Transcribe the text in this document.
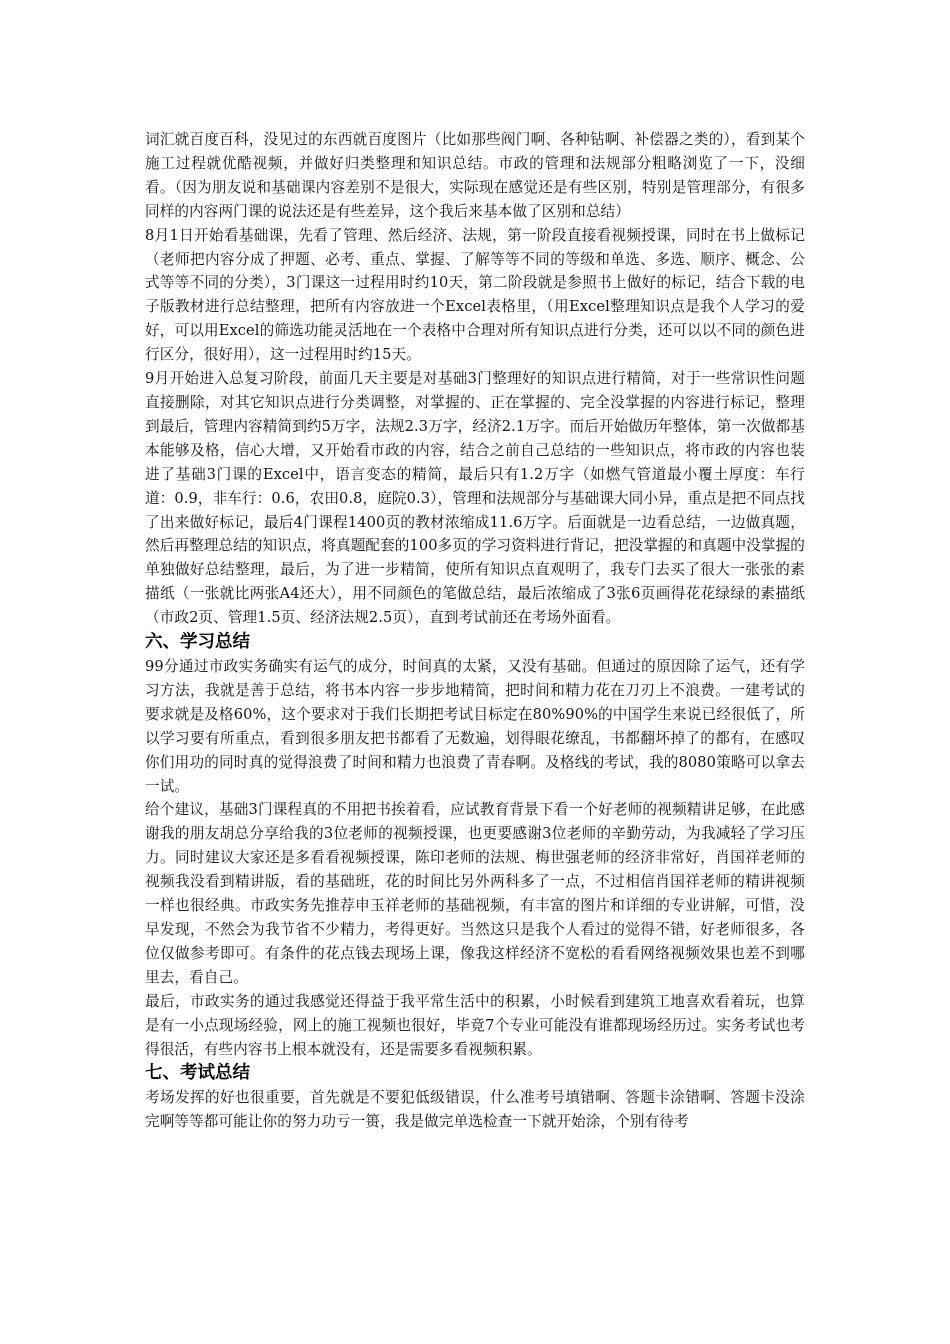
词汇就百度百科，没见过的东西就百度图片（比如那些阀门啊、各种钻啊、补偿器之类的），看到某个施工过程就优酷视频，并做好归类整理和知识总结。市政的管理和法规部分粗略浏览了一下，没细看。（因为朋友说和基础课内容差别不是很大，实际现在感觉还是有些区别，特别是管理部分，有很多同样的内容两门课的说法还是有些差异，这个我后来基本做了区别和总结）

8月1日开始看基础课，先看了管理、然后经济、法规，第一阶段直接看视频授课，同时在书上做标记（老师把内容分成了押题、必考、重点、掌握、了解等等不同的等级和单选、多选、顺序、概念、公式等等不同的分类），3门课这一过程用时约10天，第二阶段就是参照书上做好的标记，结合下载的电子版教材进行总结整理，把所有内容放进一个Excel表格里，（用Excel整理知识点是我个人学习的爱好，可以用Excel的筛选功能灵活地在一个表格中合理对所有知识点进行分类，还可以以不同的颜色进行区分，很好用），这一过程用时约15天。

9月开始进入总复习阶段，前面几天主要是对基础3门整理好的知识点进行精简，对于一些常识性问题直接删除，对其它知识点进行分类调整，对掌握的、正在掌握的、完全没掌握的内容进行标记，整理到最后，管理内容精简到约5万字，法规2.3万字，经济2.1万字。而后开始做历年整体，第一次做都基本能够及格，信心大增，又开始看市政的内容，结合之前自己总结的一些知识点，将市政的内容也装进了基础3门课的Excel中，语言变态的精简，最后只有1.2万字（如燃气管道最小覆土厚度：车行道：0.9，非车行：0.6，农田0.8，庭院0.3），管理和法规部分与基础课大同小异，重点是把不同点找了出来做好标记，最后4门课程1400页的教材浓缩成11.6万字。后面就是一边看总结，一边做真题，然后再整理总结的知识点，将真题配套的100多页的学习资料进行背记，把没掌握的和真题中没掌握的单独做好总结整理，最后，为了进一步精简，使所有知识点直观明了，我专门去买了很大一张张的素描纸（一张就比两张A4还大），用不同颜色的笔做总结，最后浓缩成了3张6页画得花花绿绿的素描纸（市政2页、管理1.5页、经济法规2.5页），直到考试前还在考场外面看。

六、学习总结

99分通过市政实务确实有运气的成分，时间真的太紧，又没有基础。但通过的原因除了运气，还有学习方法，我就是善于总结，将书本内容一步步地精简，把时间和精力花在刀刃上不浪费。一建考试的要求就是及格60%，这个要求对于我们长期把考试目标定在80%90%的中国学生来说已经很低了，所以学习要有所重点，看到很多朋友把书都看了无数遍，划得眼花缭乱，书都翻坏掉了的都有，在感叹你们用功的同时真的觉得浪费了时间和精力也浪费了青春啊。及格线的考试，我的8080策略可以拿去一试。

给个建议，基础3门课程真的不用把书挨着看，应试教育背景下看一个好老师的视频精讲足够，在此感谢我的朋友胡总分享给我的3位老师的视频授课，也更要感谢3位老师的辛勤劳动，为我减轻了学习压力。同时建议大家还是多看看视频授课，陈印老师的法规、梅世强老师的经济非常好，肖国祥老师的视频我没看到精讲版，看的基础班，花的时间比另外两科多了一点，不过相信肖国祥老师的精讲视频一样也很经典。市政实务先推荐申玉祥老师的基础视频，有丰富的图片和详细的专业讲解，可惜，没早发现，不然会为我节省不少精力，考得更好。当然这只是我个人看过的觉得不错，好老师很多，各位仅做参考即可。有条件的花点钱去现场上课，像我这样经济不宽松的看看网络视频效果也差不到哪里去，看自己。

最后，市政实务的通过我感觉还得益于我平常生活中的积累，小时候看到建筑工地喜欢看着玩，也算是有一小点现场经验，网上的施工视频也很好，毕竟7个专业可能没有谁都现场经历过。实务考试也考得很活，有些内容书上根本就没有，还是需要多看视频积累。

七、考试总结

考场发挥的好也很重要，首先就是不要犯低级错误，什么准考号填错啊、答题卡涂错啊、答题卡没涂完啊等等都可能让你的努力功亏一篑，我是做完单选检查一下就开始涂，个别有待考
